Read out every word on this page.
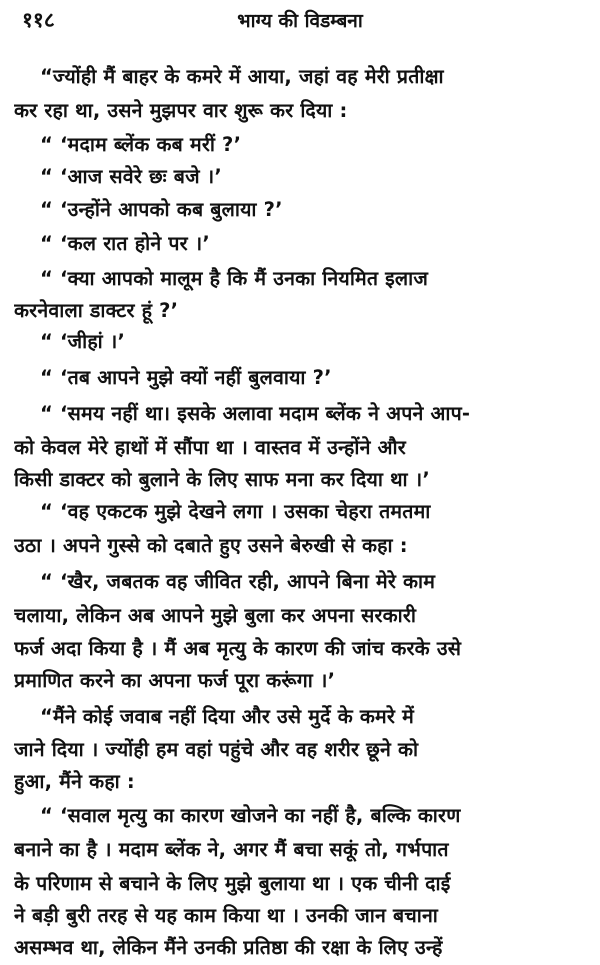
११८	भाग्य की विडम्बना
“ज्योंही मैं बाहर के कमरे में आया, जहां वह मेरी प्रतीक्षा
कर रहा था, उसने मुझपर वार शुरू कर दिया :
“ ‘मदाम ब्लेंक कब मरीं ?’
“ ‘आज सवेरे छः बजे ।’
“ ‘उन्होंने आपको कब बुलाया ?’
“ ‘कल रात होने पर ।’
“ ‘क्या आपको मालूम है कि मैं उनका नियमित इलाज
करनेवाला डाक्टर हूं ?’
“ ‘जीहां ।’
“ ‘तब आपने मुझे क्यों नहीं बुलवाया ?’
“ ‘समय नहीं था। इसके अलावा मदाम ब्लेंक ने अपने आप-
को केवल मेरे हाथों में सौंपा था । वास्तव में उन्होंने और
किसी डाक्टर को बुलाने के लिए साफ मना कर दिया था ।’
“ ‘वह एकटक मुझे देखने लगा । उसका चेहरा तमतमा
उठा । अपने गुस्से को दबाते हुए उसने बेरुखी से कहा :
“ ‘खैर, जबतक वह जीवित रही, आपने बिना मेरे काम
चलाया, लेकिन अब आपने मुझे बुला कर अपना सरकारी
फर्ज अदा किया है । मैं अब मृत्यु के कारण की जांच करके उसे
प्रमाणित करने का अपना फर्ज पूरा करूंगा ।’
“मैंने कोई जवाब नहीं दिया और उसे मुर्दे के कमरे में
जाने दिया । ज्योंही हम वहां पहुंचे और वह शरीर छूने को
हुआ, मैंने कहा :
“ ‘सवाल मृत्यु का कारण खोजने का नहीं है, बल्कि कारण
बनाने का है । मदाम ब्लेंक ने, अगर मैं बचा सकूं तो, गर्भपात
के परिणाम से बचाने के लिए मुझे बुलाया था । एक चीनी दाई
ने बड़ी बुरी तरह से यह काम किया था । उनकी जान बचाना
असम्भव था, लेकिन मैंने उनकी प्रतिष्ठा की रक्षा के लिए उन्हें
